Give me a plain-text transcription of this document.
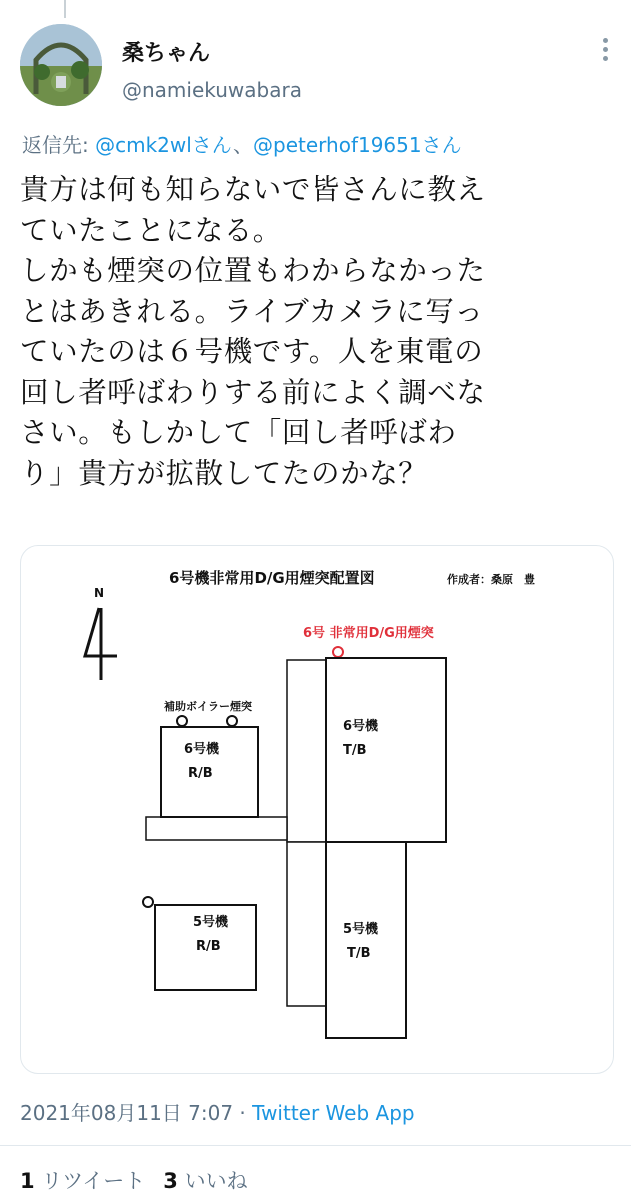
桑ちゃん
@namiekuwabara
返信先: @cmk2wlさん、@peterhof19651さん
貴方は何も知らないで皆さんに教え
ていたことになる。
しかも煙突の位置もわからなかった
とはあきれる。ライブカメラに写っ
ていたのは６号機です。人を東電の
回し者呼ばわりする前によく調べな
さい。もしかして「回し者呼ばわ
り」貴方が拡散してたのかな？
6号機非常用D/G用煙突配置図	作成者：桑原　豊
N
6号 非常用D/G用煙突
補助ボイラー煙突
6号機
R/B
6号機
T/B
5号機
R/B
5号機
T/B
2021年08月11日 7:07 · Twitter Web App
1 リツイート 3 いいね
